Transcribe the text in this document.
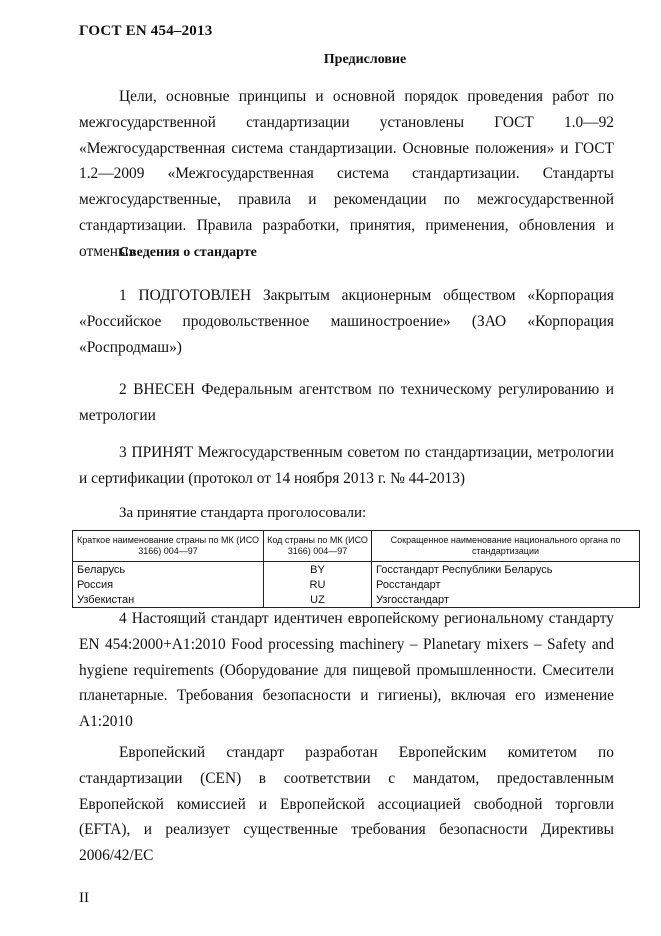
ГОСТ EN 454–2013
Предисловие

Цели, основные принципы и основной порядок проведения работ по межгосударственной стандартизации установлены ГОСТ 1.0—92 «Межгосударственная система стандартизации. Основные положения» и ГОСТ 1.2—2009 «Межгосударственная система стандартизации. Стандарты межгосударственные, правила и рекомендации по межгосударственной стандартизации. Правила разработки, принятия, применения, обновления и отмены»

Сведения о стандарте

1 ПОДГОТОВЛЕН Закрытым акционерным обществом «Корпорация «Российское продовольственное машиностроение» (ЗАО «Корпорация «Роспродмаш»)

2 ВНЕСЕН Федеральным агентством по техническому регулированию и метрологии

3 ПРИНЯТ Межгосударственным советом по стандартизации, метрологии и сертификации (протокол от 14 ноября 2013 г. № 44-2013)

За принятие стандарта проголосовали:
Краткое наименование страны по МК (ИСО 3166) 004—97	Код страны по МК (ИСО 3166) 004—97	Сокращенное наименование национального органа по стандартизации
Беларусь	BY	Госстандарт Республики Беларусь
Россия	RU	Росстандарт
Узбекистан	UZ	Узгосстандарт

4 Настоящий стандарт идентичен европейскому региональному стандарту EN 454:2000+A1:2010 Food processing machinery – Planetary mixers – Safety and hygiene requirements (Оборудование для пищевой промышленности. Смесители планетарные. Требования безопасности и гигиены), включая его изменение A1:2010

Европейский стандарт разработан Европейским комитетом по стандартизации (CEN) в соответствии с мандатом, предоставленным Европейской комиссией и Европейской ассоциацией свободной торговли (EFTA), и реализует существенные требования безопасности Директивы 2006/42/ЕС

II
